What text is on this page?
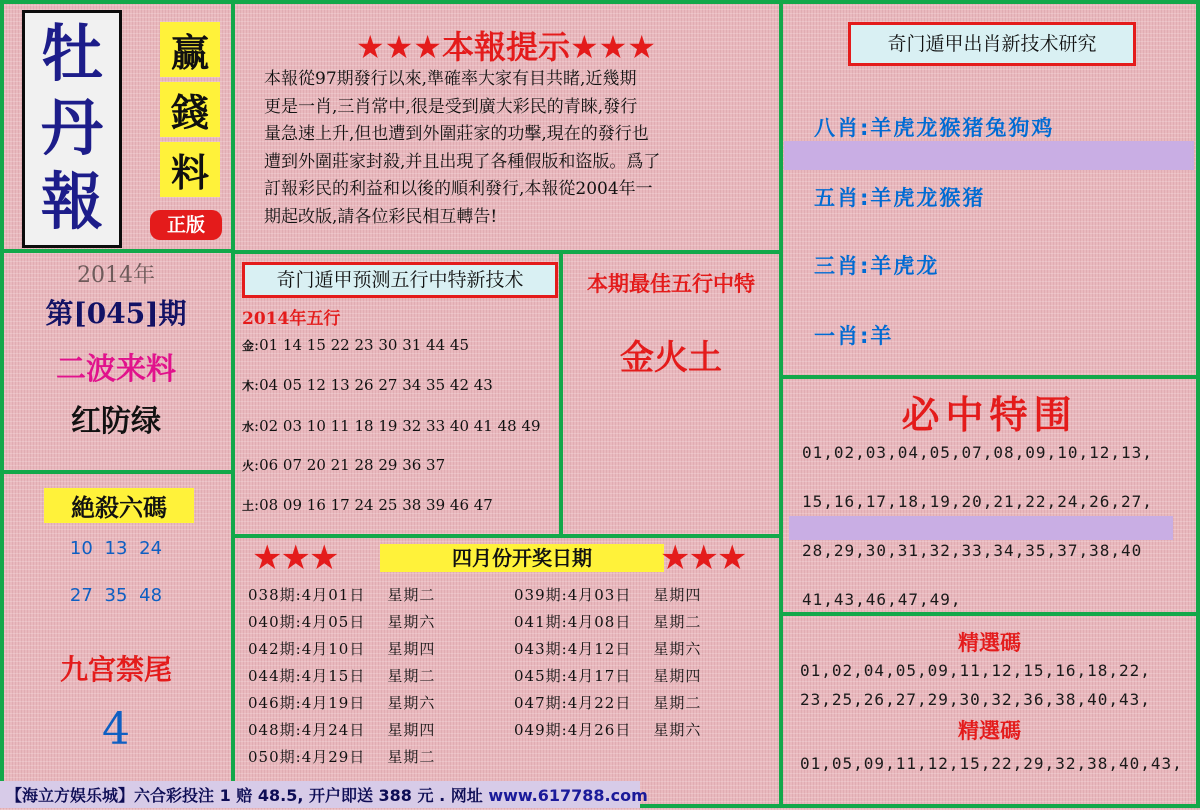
牡
丹
報
赢
錢
料
正版
2014年
第[045]期
二波来料
红防绿
絶殺六碼
10 13 24
27 35 48
九宫禁尾
4
★★★本報提示★★★
本報從97期發行以來,準確率大家有目共睹,近幾期
更是一肖,三肖常中,很是受到廣大彩民的青睞,發行
量急速上升,但也遭到外圍莊家的功擊,現在的發行也
遭到外圍莊家封殺,并且出現了各種假版和盜版。爲了
訂報彩民的利益和以後的順利發行,本報從2004年一
期起改版,請各位彩民相互轉告!
奇门遁甲预测五行中特新技术
2014年五行
金:01 14 15 22 23 30 31 44 45
木:04 05 12 13 26 27 34 35 42 43
水:02 03 10 11 18 19 32 33 40 41 48 49
火:06 07 20 21 28 29 36 37
土:08 09 16 17 24 25 38 39 46 47
本期最佳五行中特
金火土
★★★	四月份开奖日期	★★★
038期:4月01日 星期二	039期:4月03日 星期四
040期:4月05日 星期六	041期:4月08日 星期二
042期:4月10日 星期四	043期:4月12日 星期六
044期:4月15日 星期二	045期:4月17日 星期四
046期:4月19日 星期六	047期:4月22日 星期二
048期:4月24日 星期四	049期:4月26日 星期六
050期:4月29日 星期二
奇门遁甲出肖新技术研究
八肖:羊虎龙猴猪兔狗鸡
五肖:羊虎龙猴猪
三肖:羊虎龙
一肖:羊
必中特围
01,02,03,04,05,07,08,09,10,12,13,
15,16,17,18,19,20,21,22,24,26,27,
28,29,30,31,32,33,34,35,37,38,40
41,43,46,47,49,
精選碼
01,02,04,05,09,11,12,15,16,18,22,
23,25,26,27,29,30,32,36,38,40,43,
精選碼
01,05,09,11,12,15,22,29,32,38,40,43,
【海立方娱乐城】六合彩投注 1 赔 48.5, 开户即送 388 元 . 网址 www.617788.com
